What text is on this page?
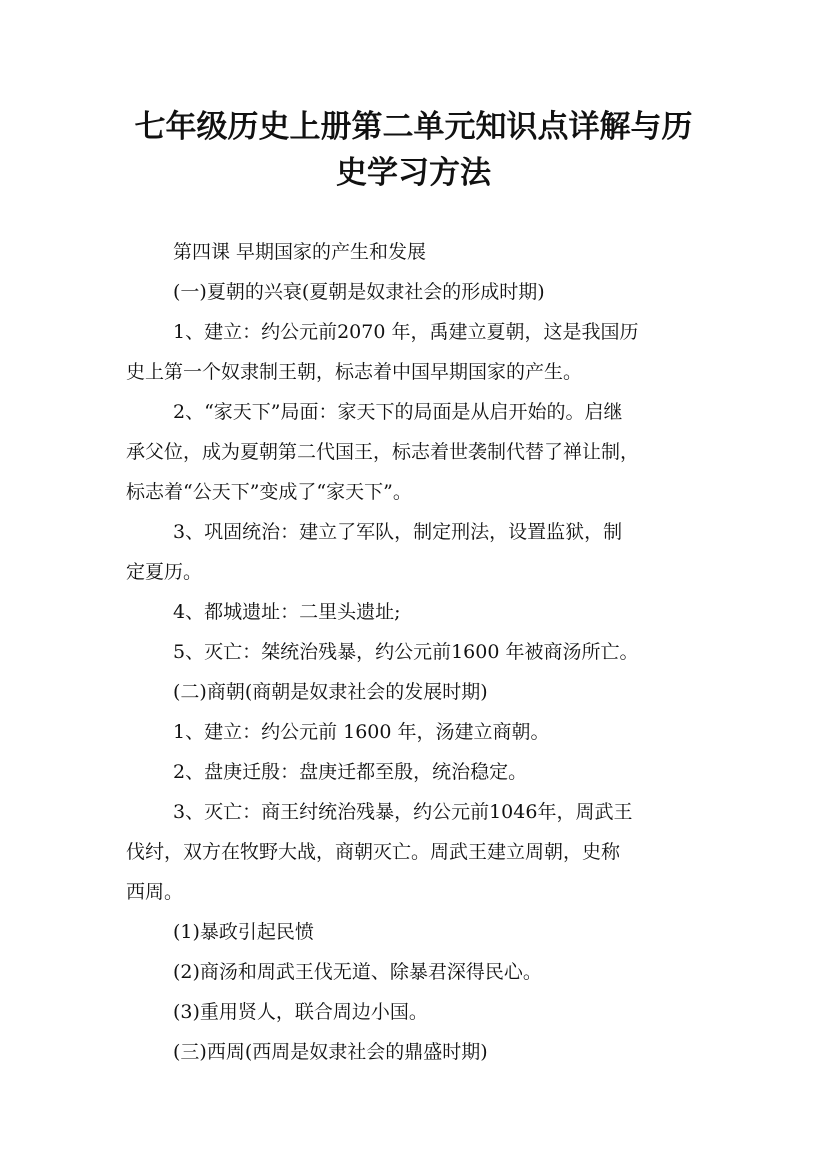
七年级历史上册第二单元知识点详解与历
史学习方法

第四课 早期国家的产生和发展

(一)夏朝的兴衰(夏朝是奴隶社会的形成时期)

1、建立：约公元前2070 年，禹建立夏朝，这是我国历

史上第一个奴隶制王朝，标志着中国早期国家的产生。

2、“家天下”局面：家天下的局面是从启开始的。启继

承父位，成为夏朝第二代国王，标志着世袭制代替了禅让制，

标志着“公天下”变成了“家天下”。

3、巩固统治：建立了军队，制定刑法，设置监狱，制

定夏历。

4、都城遗址：二里头遗址;

5、灭亡：桀统治残暴，约公元前1600 年被商汤所亡。

(二)商朝(商朝是奴隶社会的发展时期)

1、建立：约公元前 1600 年，汤建立商朝。

2、盘庚迁殷：盘庚迁都至殷，统治稳定。

3、灭亡：商王纣统治残暴，约公元前1046年，周武王

伐纣，双方在牧野大战，商朝灭亡。周武王建立周朝，史称

西周。

(1)暴政引起民愤

(2)商汤和周武王伐无道、除暴君深得民心。

(3)重用贤人，联合周边小国。

(三)西周(西周是奴隶社会的鼎盛时期)
